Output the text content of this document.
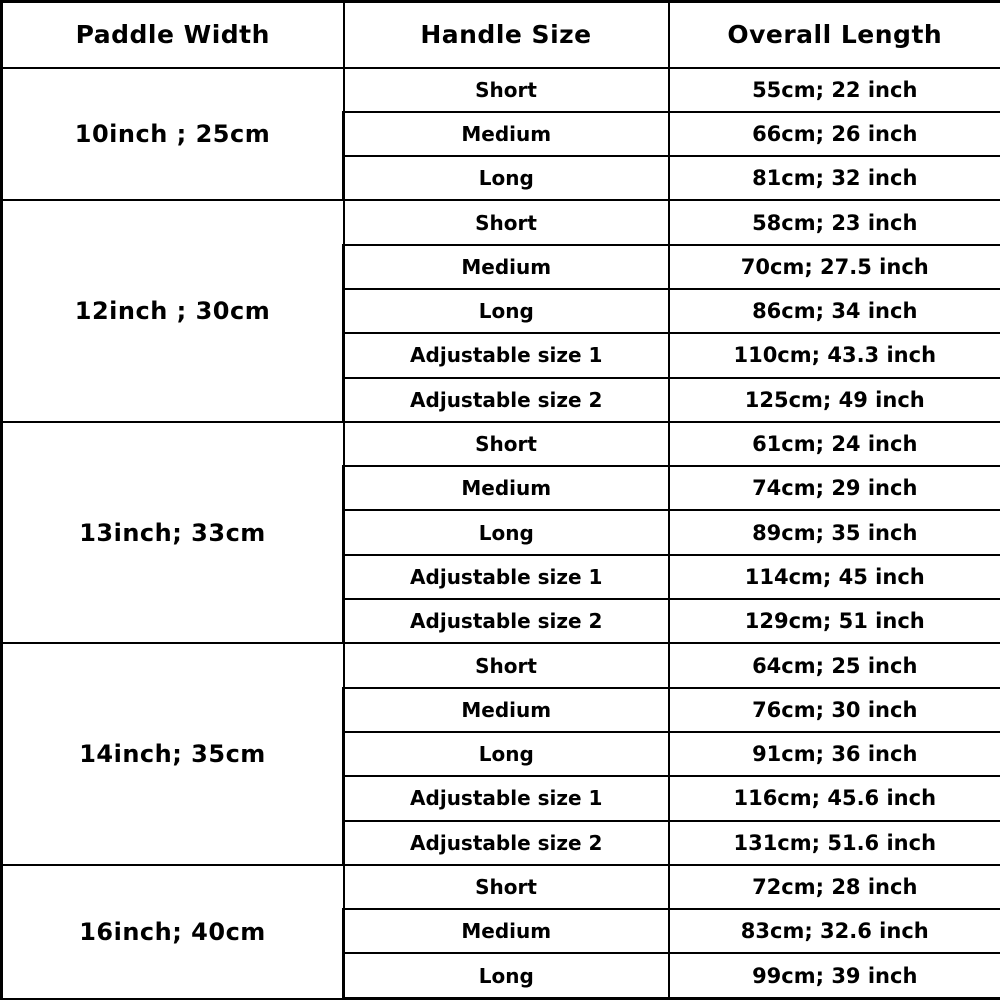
Paddle Width	Handle Size	Overall Length
10inch ; 25cm	Short	55cm; 22 inch
	Medium	66cm; 26 inch
	Long	81cm; 32 inch
12inch ; 30cm	Short	58cm; 23 inch
	Medium	70cm; 27.5 inch
	Long	86cm; 34 inch
	Adjustable size 1	110cm; 43.3 inch
	Adjustable size 2	125cm; 49 inch
13inch; 33cm	Short	61cm; 24 inch
	Medium	74cm; 29 inch
	Long	89cm; 35 inch
	Adjustable size 1	114cm; 45 inch
	Adjustable size 2	129cm; 51 inch
14inch; 35cm	Short	64cm; 25 inch
	Medium	76cm; 30 inch
	Long	91cm; 36 inch
	Adjustable size 1	116cm; 45.6 inch
	Adjustable size 2	131cm; 51.6 inch
16inch; 40cm	Short	72cm; 28 inch
	Medium	83cm; 32.6 inch
	Long	99cm; 39 inch
